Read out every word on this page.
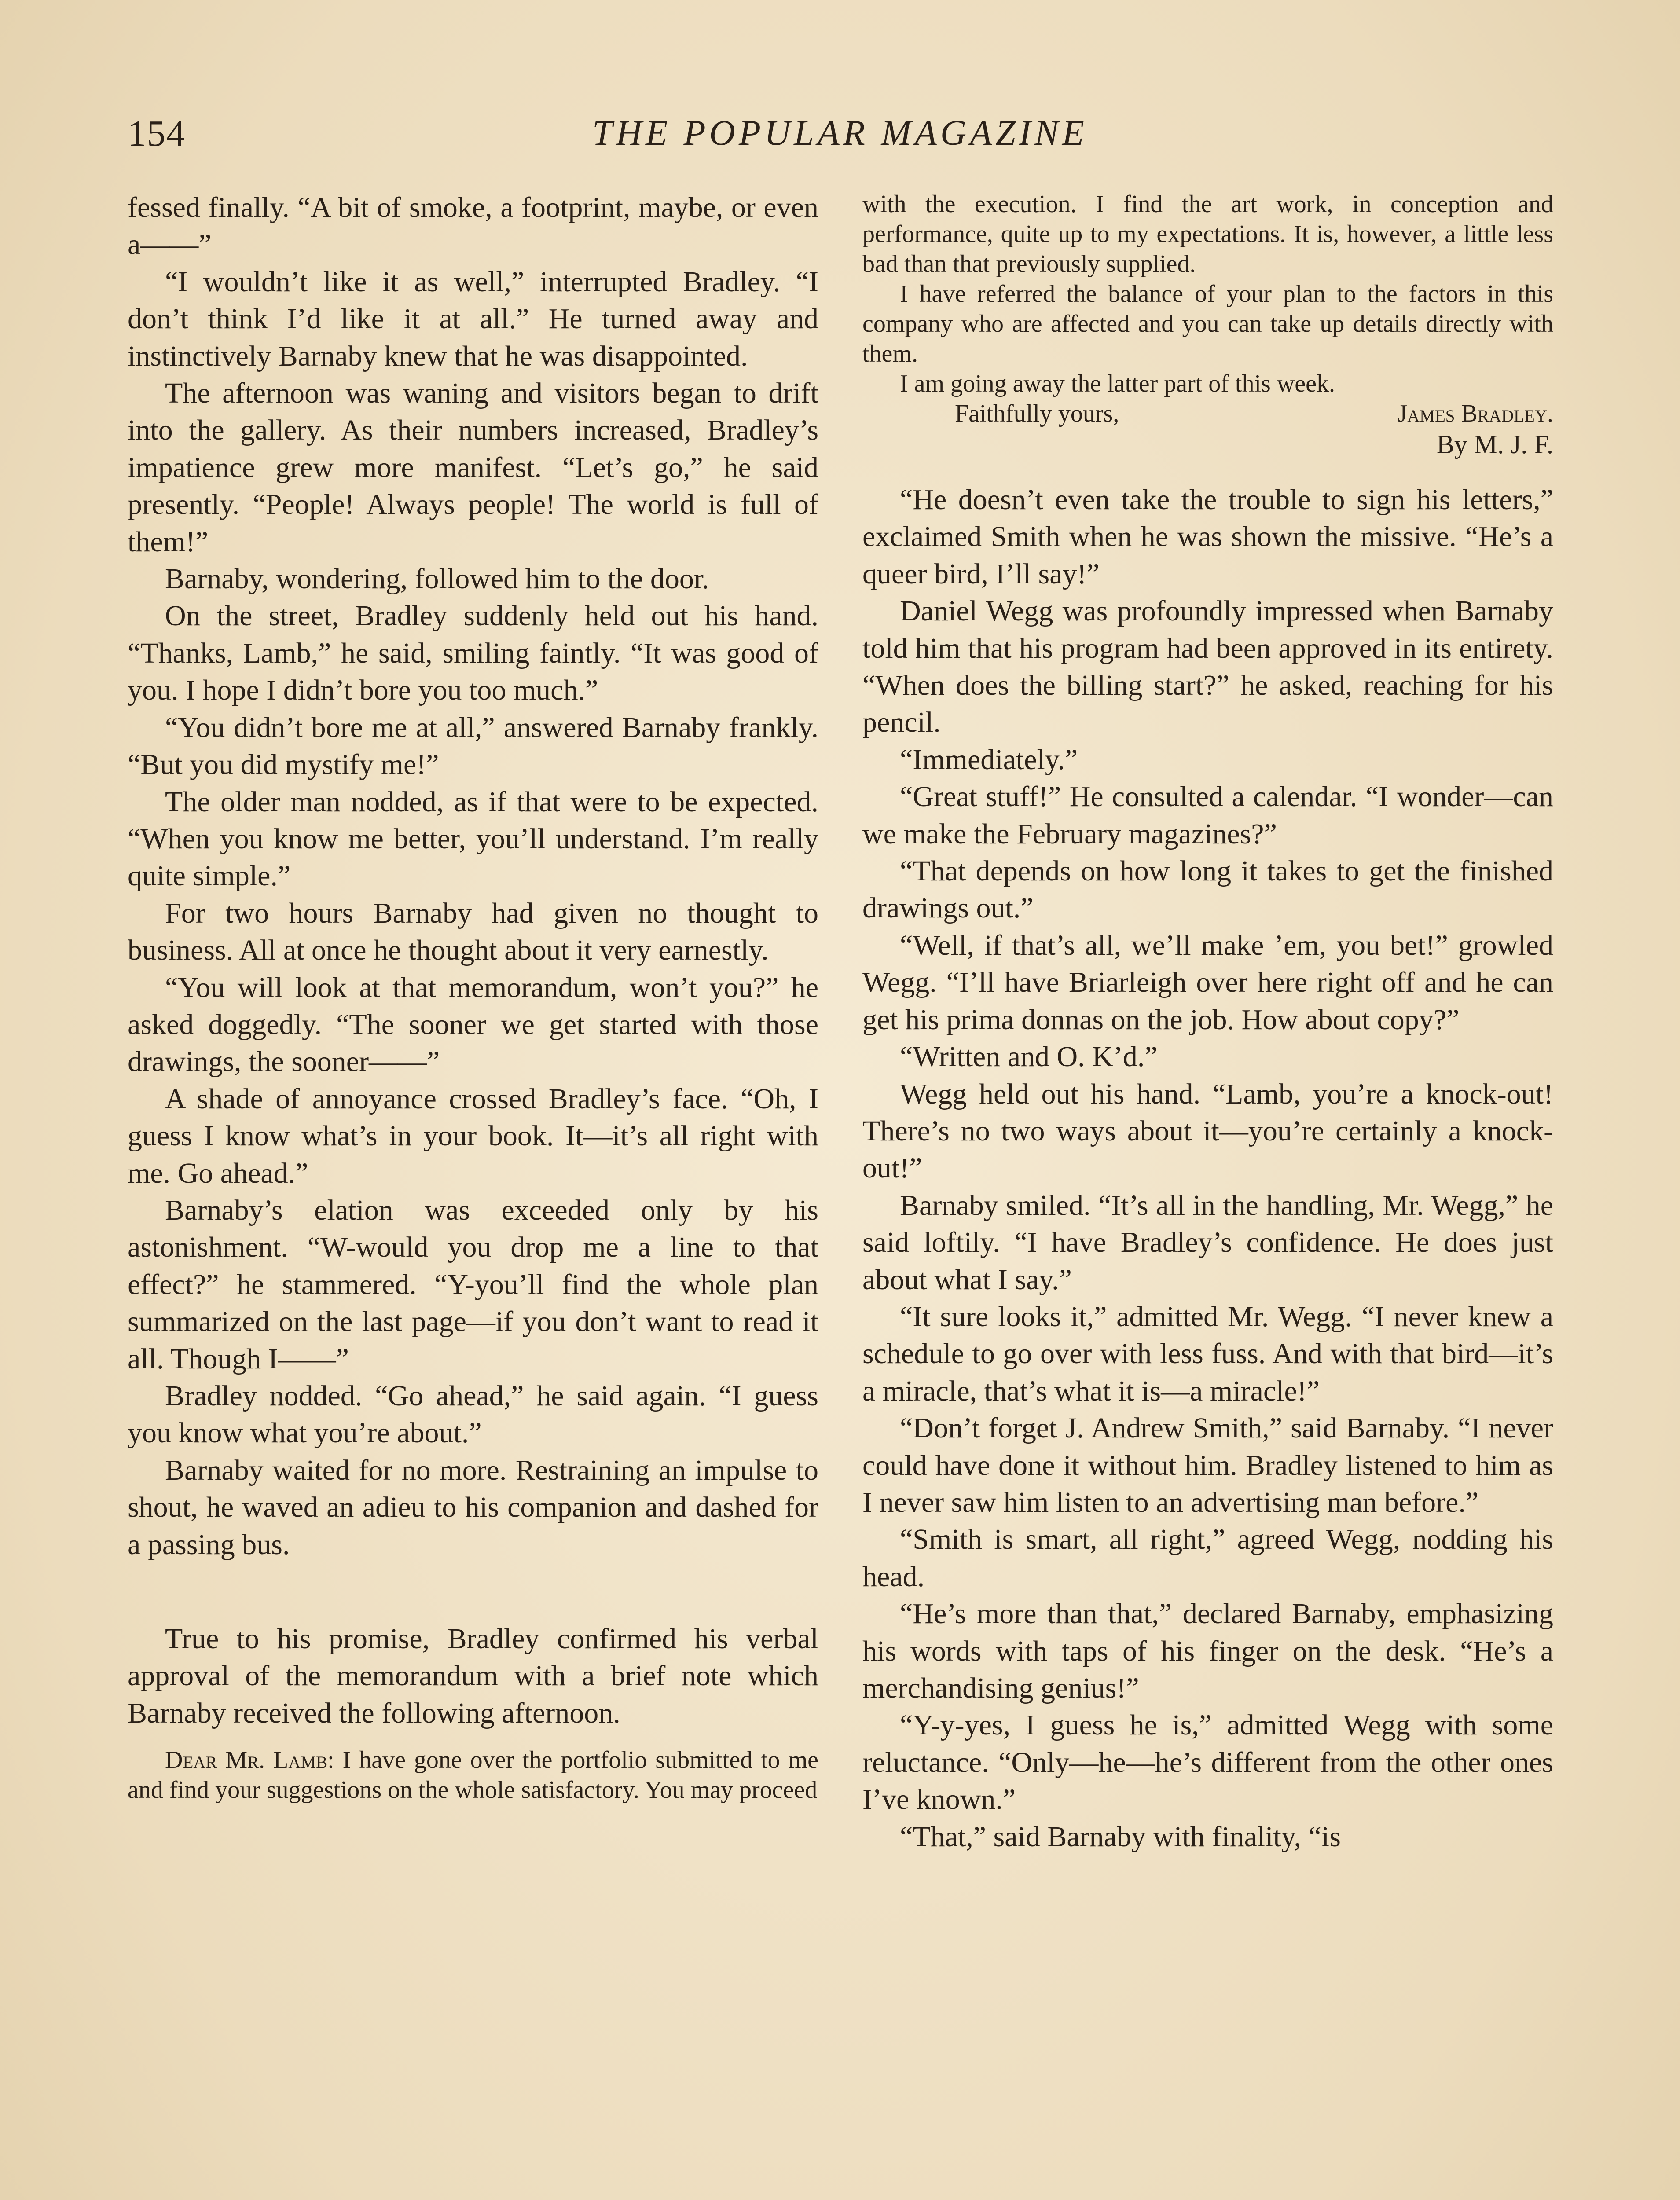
154	THE POPULAR MAGAZINE

fessed finally. “A bit of smoke, a footprint, maybe, or even a——”

“I wouldn’t like it as well,” interrupted Bradley. “I don’t think I’d like it at all.” He turned away and instinctively Barnaby knew that he was disappointed.

The afternoon was waning and visitors began to drift into the gallery. As their numbers increased, Bradley’s impatience grew more manifest. “Let’s go,” he said presently. “People! Always people! The world is full of them!”

Barnaby, wondering, followed him to the door.

On the street, Bradley suddenly held out his hand. “Thanks, Lamb,” he said, smiling faintly. “It was good of you. I hope I didn’t bore you too much.”

“You didn’t bore me at all,” answered Barnaby frankly. “But you did mystify me!”

The older man nodded, as if that were to be expected. “When you know me better, you’ll understand. I’m really quite simple.”

For two hours Barnaby had given no thought to business. All at once he thought about it very earnestly.

“You will look at that memorandum, won’t you?” he asked doggedly. “The sooner we get started with those drawings, the sooner——”

A shade of annoyance crossed Bradley’s face. “Oh, I guess I know what’s in your book. It—it’s all right with me. Go ahead.”

Barnaby’s elation was exceeded only by his astonishment. “W-would you drop me a line to that effect?” he stammered. “Y-you’ll find the whole plan summarized on the last page—if you don’t want to read it all. Though I——”

Bradley nodded. “Go ahead,” he said again. “I guess you know what you’re about.”

Barnaby waited for no more. Restraining an impulse to shout, he waved an adieu to his companion and dashed for a passing bus.

True to his promise, Bradley confirmed his verbal approval of the memorandum with a brief note which Barnaby received the following afternoon.

Dear Mr. Lamb: I have gone over the portfolio submitted to me and find your suggestions on the whole satisfactory. You may proceed

with the execution. I find the art work, in conception and performance, quite up to my expectations. It is, however, a little less bad than that previously supplied.

I have referred the balance of your plan to the factors in this company who are affected and you can take up details directly with them.

I am going away the latter part of this week.

Faithfully yours,	James Bradley.

By M. J. F.

“He doesn’t even take the trouble to sign his letters,” exclaimed Smith when he was shown the missive. “He’s a queer bird, I’ll say!”

Daniel Wegg was profoundly impressed when Barnaby told him that his program had been approved in its entirety. “When does the billing start?” he asked, reaching for his pencil.

“Immediately.”

“Great stuff!” He consulted a calendar. “I wonder—can we make the February magazines?”

“That depends on how long it takes to get the finished drawings out.”

“Well, if that’s all, we’ll make ’em, you bet!” growled Wegg. “I’ll have Briarleigh over here right off and he can get his prima donnas on the job. How about copy?”

“Written and O. K’d.”

Wegg held out his hand. “Lamb, you’re a knock-out! There’s no two ways about it—you’re certainly a knock-out!”

Barnaby smiled. “It’s all in the handling, Mr. Wegg,” he said loftily. “I have Bradley’s confidence. He does just about what I say.”

“It sure looks it,” admitted Mr. Wegg. “I never knew a schedule to go over with less fuss. And with that bird—it’s a miracle, that’s what it is—a miracle!”

“Don’t forget J. Andrew Smith,” said Barnaby. “I never could have done it without him. Bradley listened to him as I never saw him listen to an advertising man before.”

“Smith is smart, all right,” agreed Wegg, nodding his head.

“He’s more than that,” declared Barnaby, emphasizing his words with taps of his finger on the desk. “He’s a merchandising genius!”

“Y-y-yes, I guess he is,” admitted Wegg with some reluctance. “Only—he—he’s different from the other ones I’ve known.”

“That,” said Barnaby with finality, “is
